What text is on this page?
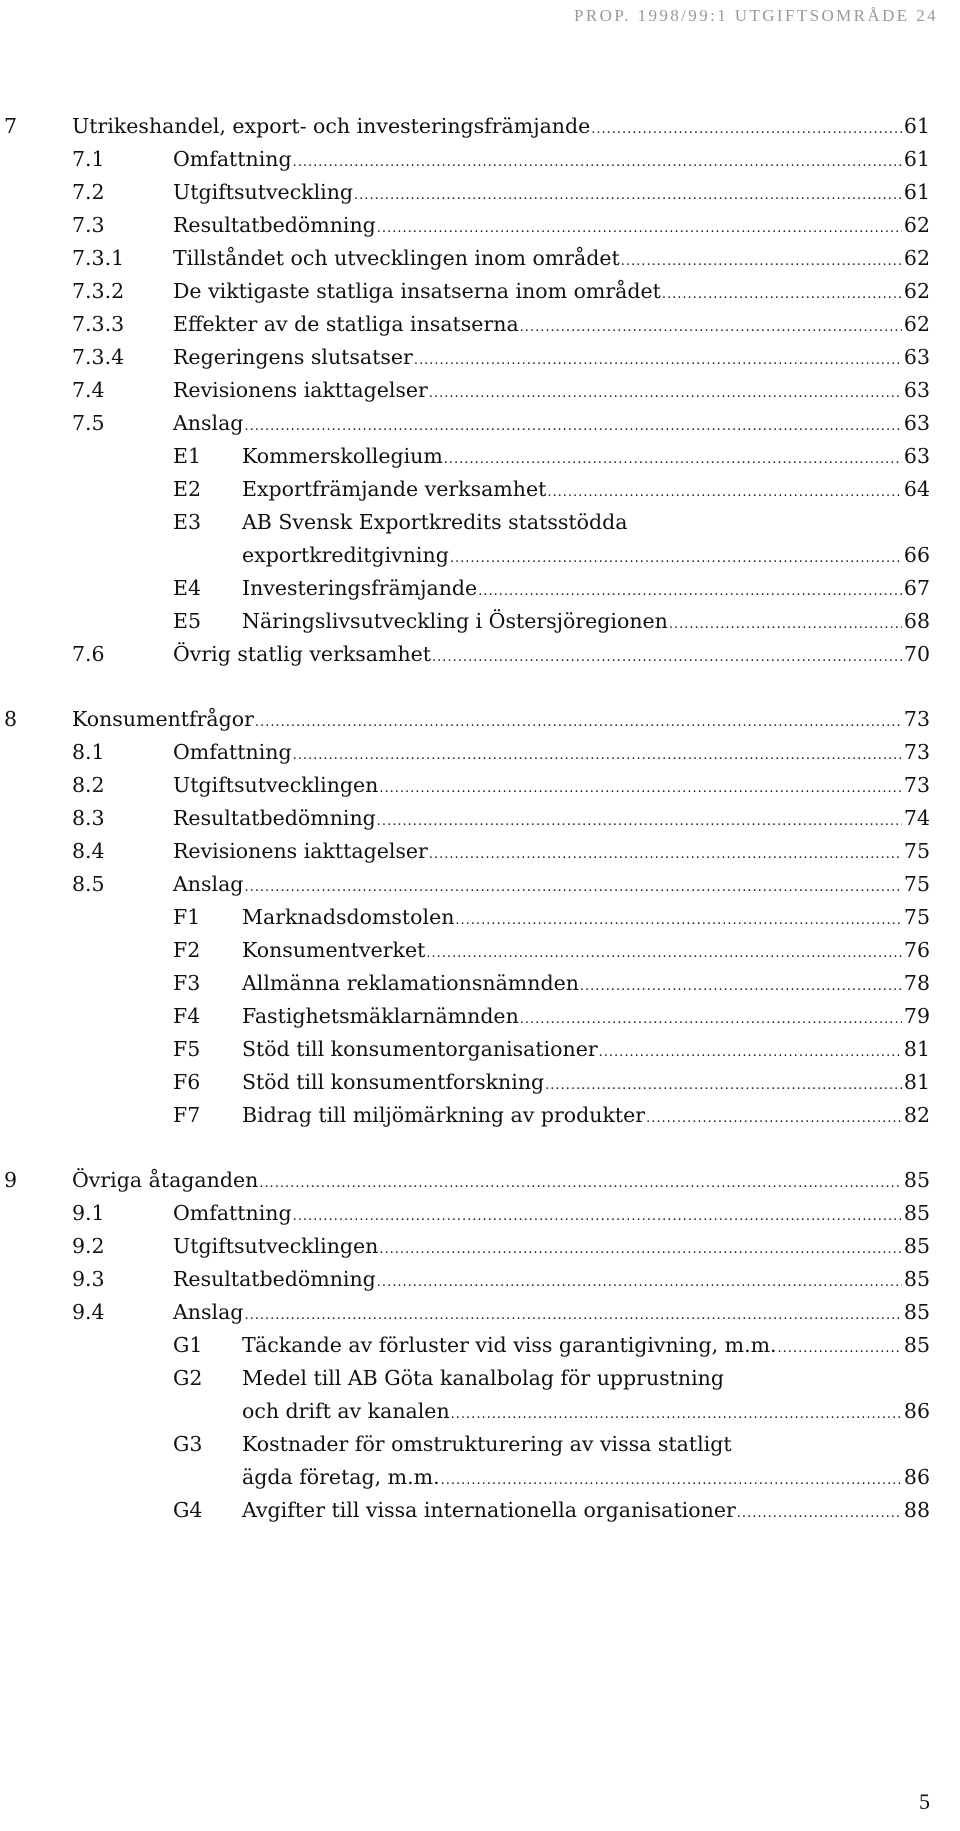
PROP. 1998/99:1 UTGIFTSOMRÅDE 24
7	Utrikeshandel, export- och investeringsfrämjande .....	61
7.1	Omfattning .....	61
7.2	Utgiftsutveckling .....	61
7.3	Resultatbedömning .....	62
7.3.1 Tillståndet och utvecklingen inom området .....	62
7.3.2 De viktigaste statliga insatserna inom området .....	62
7.3.3 Effekter av de statliga insatserna .....	62
7.3.4 Regeringens slutsatser .....	63
7.4	Revisionens iakttagelser .....	63
7.5	Anslag .....	63
E1 Kommerskollegium .....	63
E2 Exportfrämjande verksamhet .....	64
E3 AB Svensk Exportkredits statsstödda
exportkreditgivning .....	66
E4 Investeringsfrämjande .....	67
E5 Näringslivsutveckling i Östersjöregionen .....	68
7.6	Övrig statlig verksamhet .....	70
8	Konsumentfrågor .....	73
8.1	Omfattning .....	73
8.2	Utgiftsutvecklingen .....	73
8.3	Resultatbedömning .....	74
8.4	Revisionens iakttagelser .....	75
8.5	Anslag .....	75
F1 Marknadsdomstolen .....	75
F2 Konsumentverket .....	76
F3 Allmänna reklamationsnämnden .....	78
F4 Fastighetsmäklarnämnden .....	79
F5 Stöd till konsumentorganisationer .....	81
F6 Stöd till konsumentforskning .....	81
F7 Bidrag till miljömärkning av produkter .....	82
9	Övriga åtaganden .....	85
9.1	Omfattning .....	85
9.2	Utgiftsutvecklingen .....	85
9.3	Resultatbedömning .....	85
9.4	Anslag .....	85
G1 Täckande av förluster vid viss garantigivning, m.m. .....	85
G2 Medel till AB Göta kanalbolag för upprustning
och drift av kanalen .....	86
G3 Kostnader för omstrukturering av vissa statligt
ägda företag, m.m. .....	86
G4 Avgifter till vissa internationella organisationer .....	88
5
